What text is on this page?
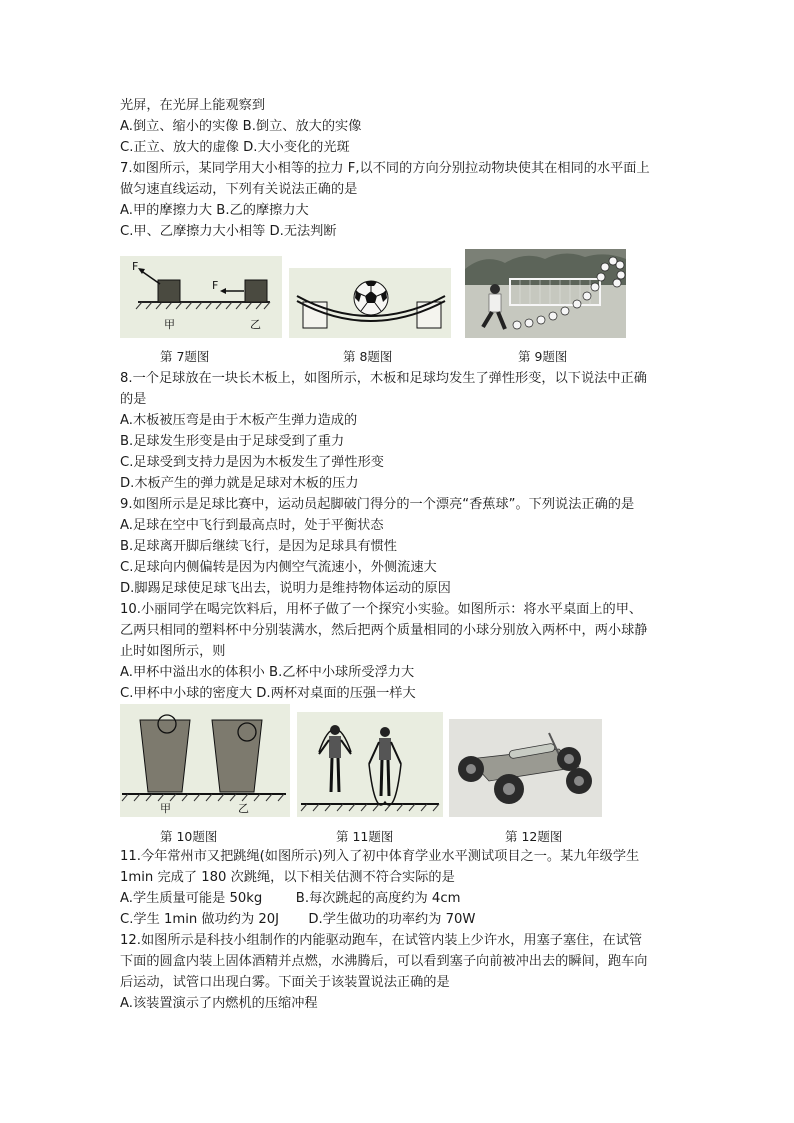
光屏，在光屏上能观察到
A.倒立、缩小的实像 B.倒立、放大的实像
C.正立、放大的虚像 D.大小变化的光斑
7.如图所示，某同学用大小相等的拉力 F,以不同的方向分别拉动物块使其在相同的水平面上
做匀速直线运动，下列有关说法正确的是
A.甲的摩擦力大 B.乙的摩擦力大
C.甲、乙摩擦力大小相等 D.无法判断
F
F
甲	乙
第 7题图	第 8题图	第 9题图
8.一个足球放在一块长木板上，如图所示，木板和足球均发生了弹性形变，以下说法中正确
的是
A.木板被压弯是由于木板产生弹力造成的
B.足球发生形变是由于足球受到了重力
C.足球受到支持力是因为木板发生了弹性形变
D.木板产生的弹力就是足球对木板的压力
9.如图所示是足球比赛中，运动员起脚破门得分的一个漂亮“香蕉球”。下列说法正确的是
A.足球在空中飞行到最高点时，处于平衡状态
B.足球离开脚后继续飞行，是因为足球具有惯性
C.足球向内侧偏转是因为内侧空气流速小，外侧流速大
D.脚踢足球使足球飞出去，说明力是维持物体运动的原因
10.小丽同学在喝完饮料后，用杯子做了一个探究小实验。如图所示：将水平桌面上的甲、
乙两只相同的塑料杯中分别装满水，然后把两个质量相同的小球分别放入两杯中，两小球静
止时如图所示，则
A.甲杯中溢出水的体积小 B.乙杯中小球所受浮力大
C.甲杯中小球的密度大 D.两杯对桌面的压强一样大
甲	乙
第 10题图	第 11题图	第 12题图
11.今年常州市又把跳绳(如图所示)列入了初中体育学业水平测试项目之一。某九年级学生
1min 完成了 180 次跳绳，以下相关估测不符合实际的是
A.学生质量可能是 50kg        B.每次跳起的高度约为 4cm
C.学生 1min 做功约为 20J       D.学生做功的功率约为 70W
12.如图所示是科技小组制作的内能驱动跑车，在试管内装上少许水，用塞子塞住，在试管
下面的圆盒内装上固体酒精并点燃，水沸腾后，可以看到塞子向前被冲出去的瞬间，跑车向
后运动，试管口出现白雾。下面关于该装置说法正确的是
A.该装置演示了内燃机的压缩冲程
